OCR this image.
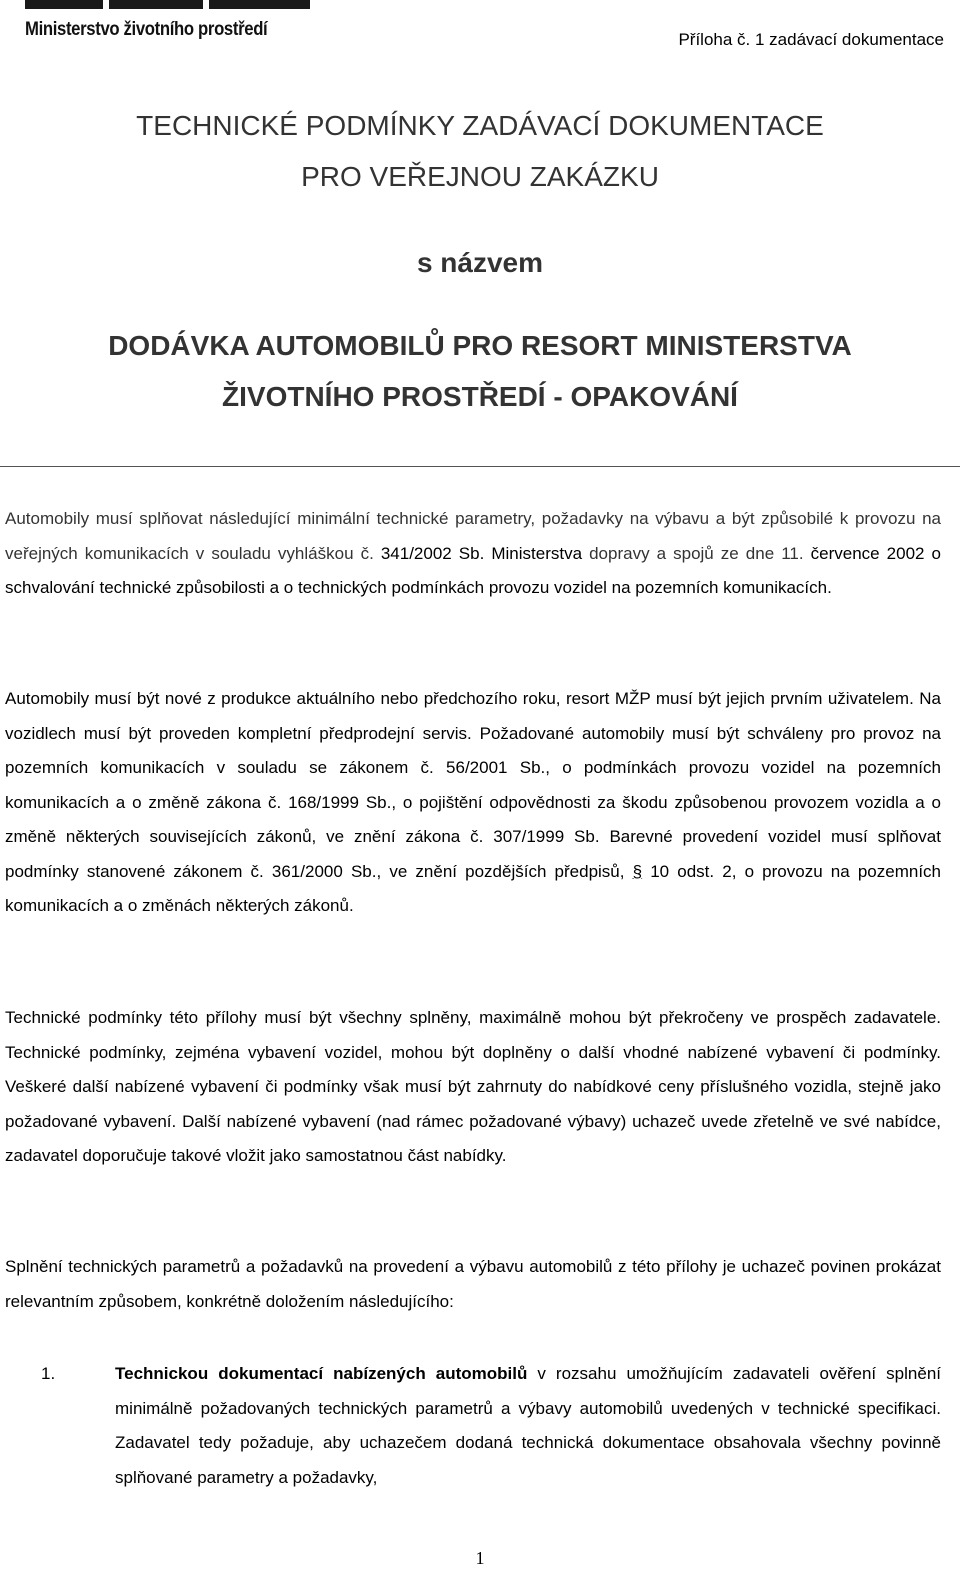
Ministerstvo životního prostředí	Příloha č. 1 zadávací dokumentace
TECHNICKÉ PODMÍNKY ZADÁVACÍ DOKUMENTACE
PRO VEŘEJNOU ZAKÁZKU
s názvem
DODÁVKA AUTOMOBILŮ PRO RESORT MINISTERSTVA
ŽIVOTNÍHO PROSTŘEDÍ - OPAKOVÁNÍ
Automobily musí splňovat následující minimální technické parametry, požadavky na výbavu a být způsobilé k provozu na veřejných komunikacích v souladu vyhláškou č. 341/2002 Sb. Ministerstva dopravy a spojů ze dne 11. července 2002 o schvalování technické způsobilosti a o technických podmínkách provozu vozidel na pozemních komunikacích.
Automobily musí být nové z produkce aktuálního nebo předchozího roku, resort MŽP musí být jejich prvním uživatelem. Na vozidlech musí být proveden kompletní předprodejní servis. Požadované automobily musí být schváleny pro provoz na pozemních komunikacích v souladu se zákonem č. 56/2001 Sb., o podmínkách provozu vozidel na pozemních komunikacích a o změně zákona č. 168/1999 Sb., o pojištění odpovědnosti za škodu způsobenou provozem vozidla a o změně některých souvisejících zákonů, ve znění zákona č. 307/1999 Sb. Barevné provedení vozidel musí splňovat podmínky stanovené zákonem č. 361/2000 Sb., ve znění pozdějších předpisů, § 10 odst. 2, o provozu na pozemních komunikacích a o změnách některých zákonů.
Technické podmínky této přílohy musí být všechny splněny, maximálně mohou být překročeny ve prospěch zadavatele. Technické podmínky, zejména vybavení vozidel, mohou být doplněny o další vhodné nabízené vybavení či podmínky. Veškeré další nabízené vybavení či podmínky však musí být zahrnuty do nabídkové ceny příslušného vozidla, stejně jako požadované vybavení. Další nabízené vybavení (nad rámec požadované výbavy) uchazeč uvede zřetelně ve své nabídce, zadavatel doporučuje takové vložit jako samostatnou část nabídky.
Splnění technických parametrů a požadavků na provedení a výbavu automobilů z této přílohy je uchazeč povinen prokázat relevantním způsobem, konkrétně doložením následujícího:
1.	Technickou dokumentací nabízených automobilů v rozsahu umožňujícím zadavateli ověření splnění minimálně požadovaných technických parametrů a výbavy automobilů uvedených v technické specifikaci. Zadavatel tedy požaduje, aby uchazečem dodaná technická dokumentace obsahovala všechny povinně splňované parametry a požadavky,
1
